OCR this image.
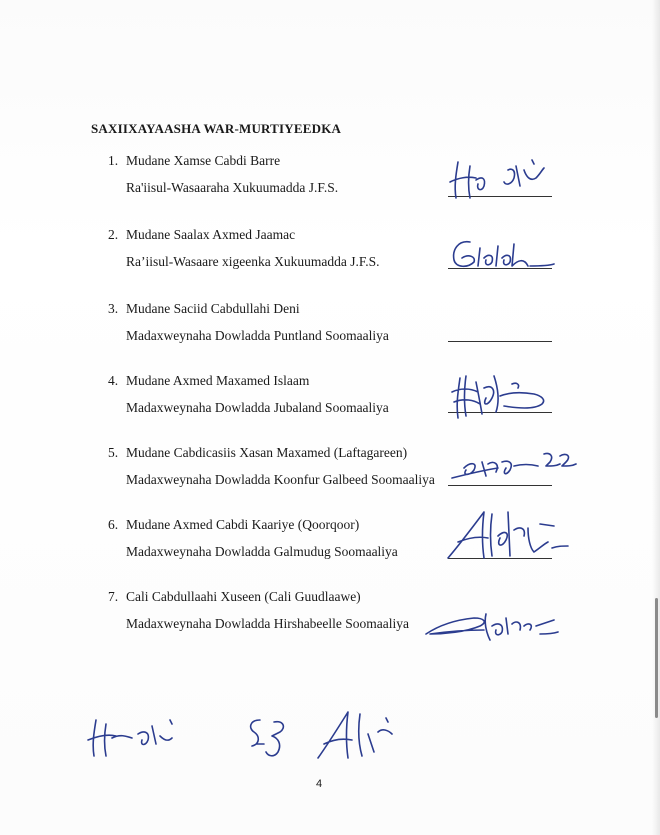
SAXIIXAYAASHA WAR-MURTIYEEDKA
1. Mudane Xamse Cabdi Barre
Ra'iisul-Wasaaraha Xukuumadda J.F.S.
2. Mudane Saalax Axmed Jaamac
Ra’iisul-Wasaare xigeenka Xukuumadda J.F.S.
3. Mudane Saciid Cabdullahi Deni
Madaxweynaha Dowladda Puntland Soomaaliya
4. Mudane Axmed Maxamed Islaam
Madaxweynaha Dowladda Jubaland Soomaaliya
5. Mudane Cabdicasiis Xasan Maxamed (Laftagareen)
Madaxweynaha Dowladda Koonfur Galbeed Soomaaliya
6. Mudane Axmed Cabdi Kaariye (Qoorqoor)
Madaxweynaha Dowladda Galmudug Soomaaliya
7. Cali Cabdullaahi Xuseen (Cali Guudlaawe)
Madaxweynaha Dowladda Hirshabeelle Soomaaliya
4
